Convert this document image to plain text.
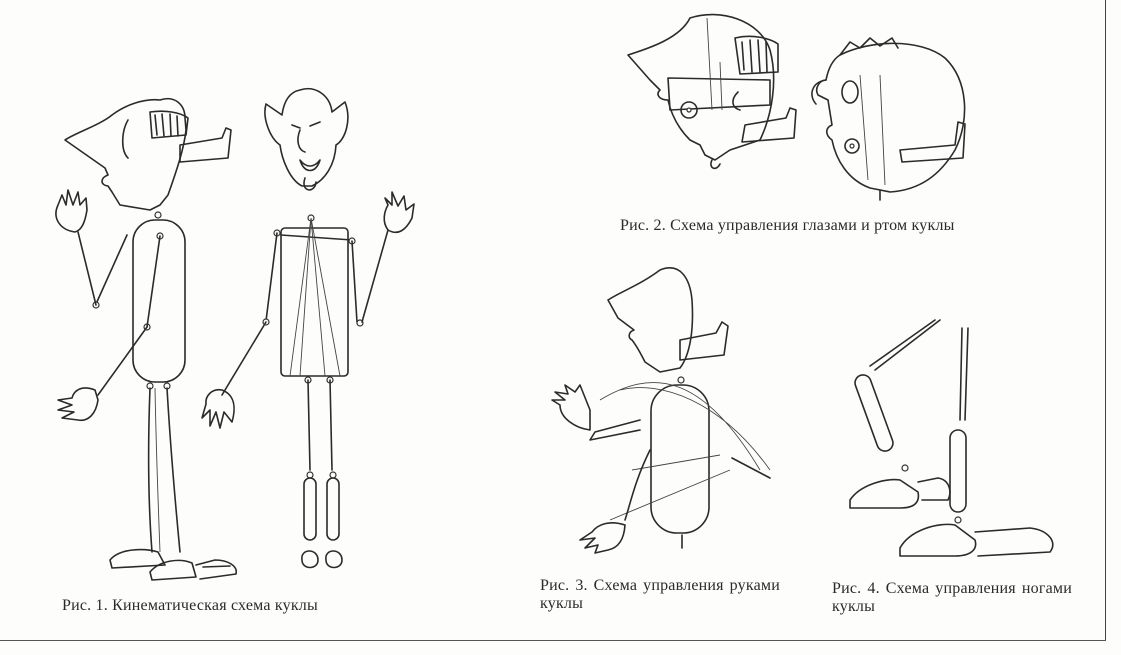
Рис. 1. Кинематическая схема куклы
Рис. 2. Схема управления глазами и ртом куклы
Рис. 3. Схема управления руками куклы
Рис. 4. Схема управления ногами куклы
